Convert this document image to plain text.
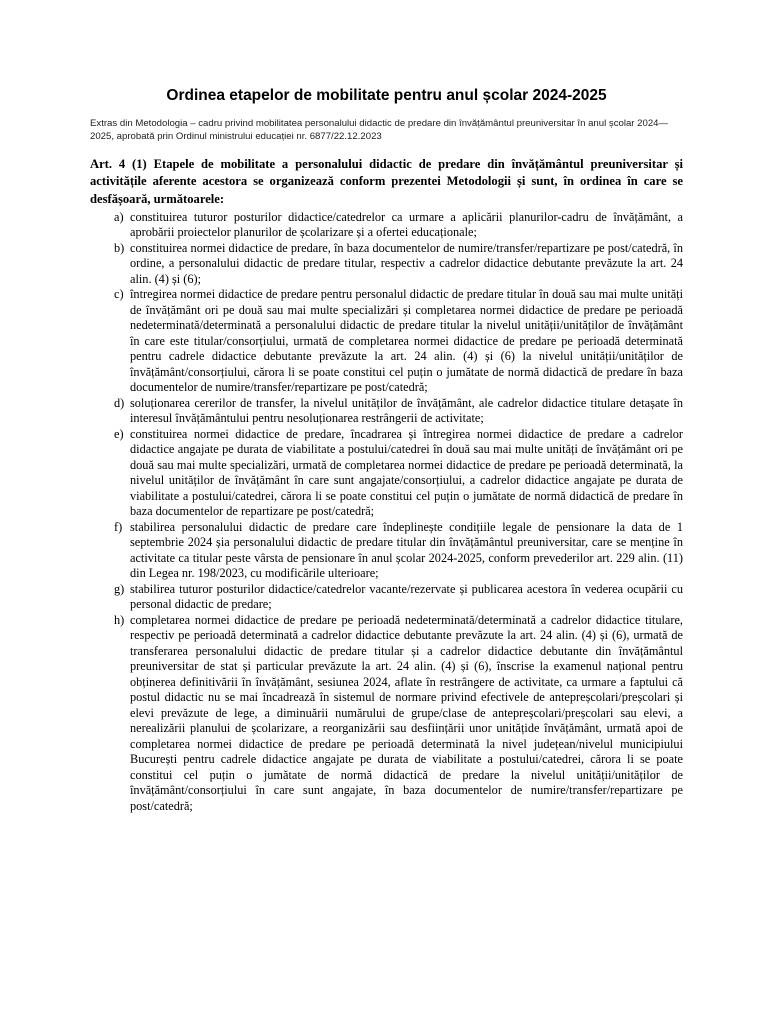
Ordinea etapelor de mobilitate pentru anul școlar 2024-2025

Extras din Metodologia – cadru privind mobilitatea personalului didactic de predare din învățământul preuniversitar în anul școlar 2024—2025, aprobată prin Ordinul ministrului educației nr. 6877/22.12.2023

Art. 4 (1) Etapele de mobilitate a personalului didactic de predare din învățământul preuniversitar și activitățile aferente acestora se organizează conform prezentei Metodologii și sunt, în ordinea în care se desfășoară, următoarele:

a) constituirea tuturor posturilor didactice/catedrelor ca urmare a aplicării planurilor-cadru de învățământ, a aprobării proiectelor planurilor de școlarizare și a ofertei educaționale;
b) constituirea normei didactice de predare, în baza documentelor de numire/transfer/repartizare pe post/catedră, în ordine, a personalului didactic de predare titular, respectiv a cadrelor didactice debutante prevăzute la art. 24 alin. (4) și (6);
c) întregirea normei didactice de predare pentru personalul didactic de predare titular în două sau mai multe unități de învățământ ori pe două sau mai multe specializări și completarea normei didactice de predare pe perioadă nedeterminată/determinată a personalului didactic de predare titular la nivelul unității/unităților de învățământ în care este titular/consorțiului, urmată de completarea normei didactice de predare pe perioadă determinată pentru cadrele didactice debutante prevăzute la art. 24 alin. (4) și (6) la nivelul unității/unităților de învățământ/consorțiului, cărora li se poate constitui cel puțin o jumătate de normă didactică de predare în baza documentelor de numire/transfer/repartizare pe post/catedră;
d) soluționarea cererilor de transfer, la nivelul unităților de învățământ, ale cadrelor didactice titulare detașate în interesul învățământului pentru nesoluționarea restrângerii de activitate;
e) constituirea normei didactice de predare, încadrarea și întregirea normei didactice de predare a cadrelor didactice angajate pe durata de viabilitate a postului/catedrei în două sau mai multe unități de învățământ ori pe două sau mai multe specializări, urmată de completarea normei didactice de predare pe perioadă determinată, la nivelul unităților de învățământ în care sunt angajate/consorțiului, a cadrelor didactice angajate pe durata de viabilitate a postului/catedrei, cărora li se poate constitui cel puțin o jumătate de normă didactică de predare în baza documentelor de repartizare pe post/catedră;
f) stabilirea personalului didactic de predare care îndeplinește condițiile legale de pensionare la data de 1 septembrie 2024 șia personalului didactic de predare titular din învățământul preuniversitar, care se menține în activitate ca titular peste vârsta de pensionare în anul școlar 2024-2025, conform prevederilor art. 229 alin. (11) din Legea nr. 198/2023, cu modificările ulterioare;
g) stabilirea tuturor posturilor didactice/catedrelor vacante/rezervate și publicarea acestora în vederea ocupării cu personal didactic de predare;
h) completarea normei didactice de predare pe perioadă nedeterminată/determinată a cadrelor didactice titulare, respectiv pe perioadă determinată a cadrelor didactice debutante prevăzute la art. 24 alin. (4) și (6), urmată de transferarea personalului didactic de predare titular și a cadrelor didactice debutante din învățământul preuniversitar de stat și particular prevăzute la art. 24 alin. (4) și (6), înscrise la examenul național pentru obținerea definitivării în învățământ, sesiunea 2024, aflate în restrângere de activitate, ca urmare a faptului că postul didactic nu se mai încadrează în sistemul de normare privind efectivele de antepreșcolari/preșcolari și elevi prevăzute de lege, a diminuării numărului de grupe/clase de antepreșcolari/preșcolari sau elevi, a nerealizării planului de școlarizare, a reorganizării sau desființării unor unitățide învățământ, urmată apoi de completarea normei didactice de predare pe perioadă determinată la nivel județean/nivelul municipiului București pentru cadrele didactice angajate pe durata de viabilitate a postului/catedrei, cărora li se poate constitui cel puțin o jumătate de normă didactică de predare la nivelul unității/unităților de învățământ/consorțiului în care sunt angajate, în baza documentelor de numire/transfer/repartizare pe post/catedră;
